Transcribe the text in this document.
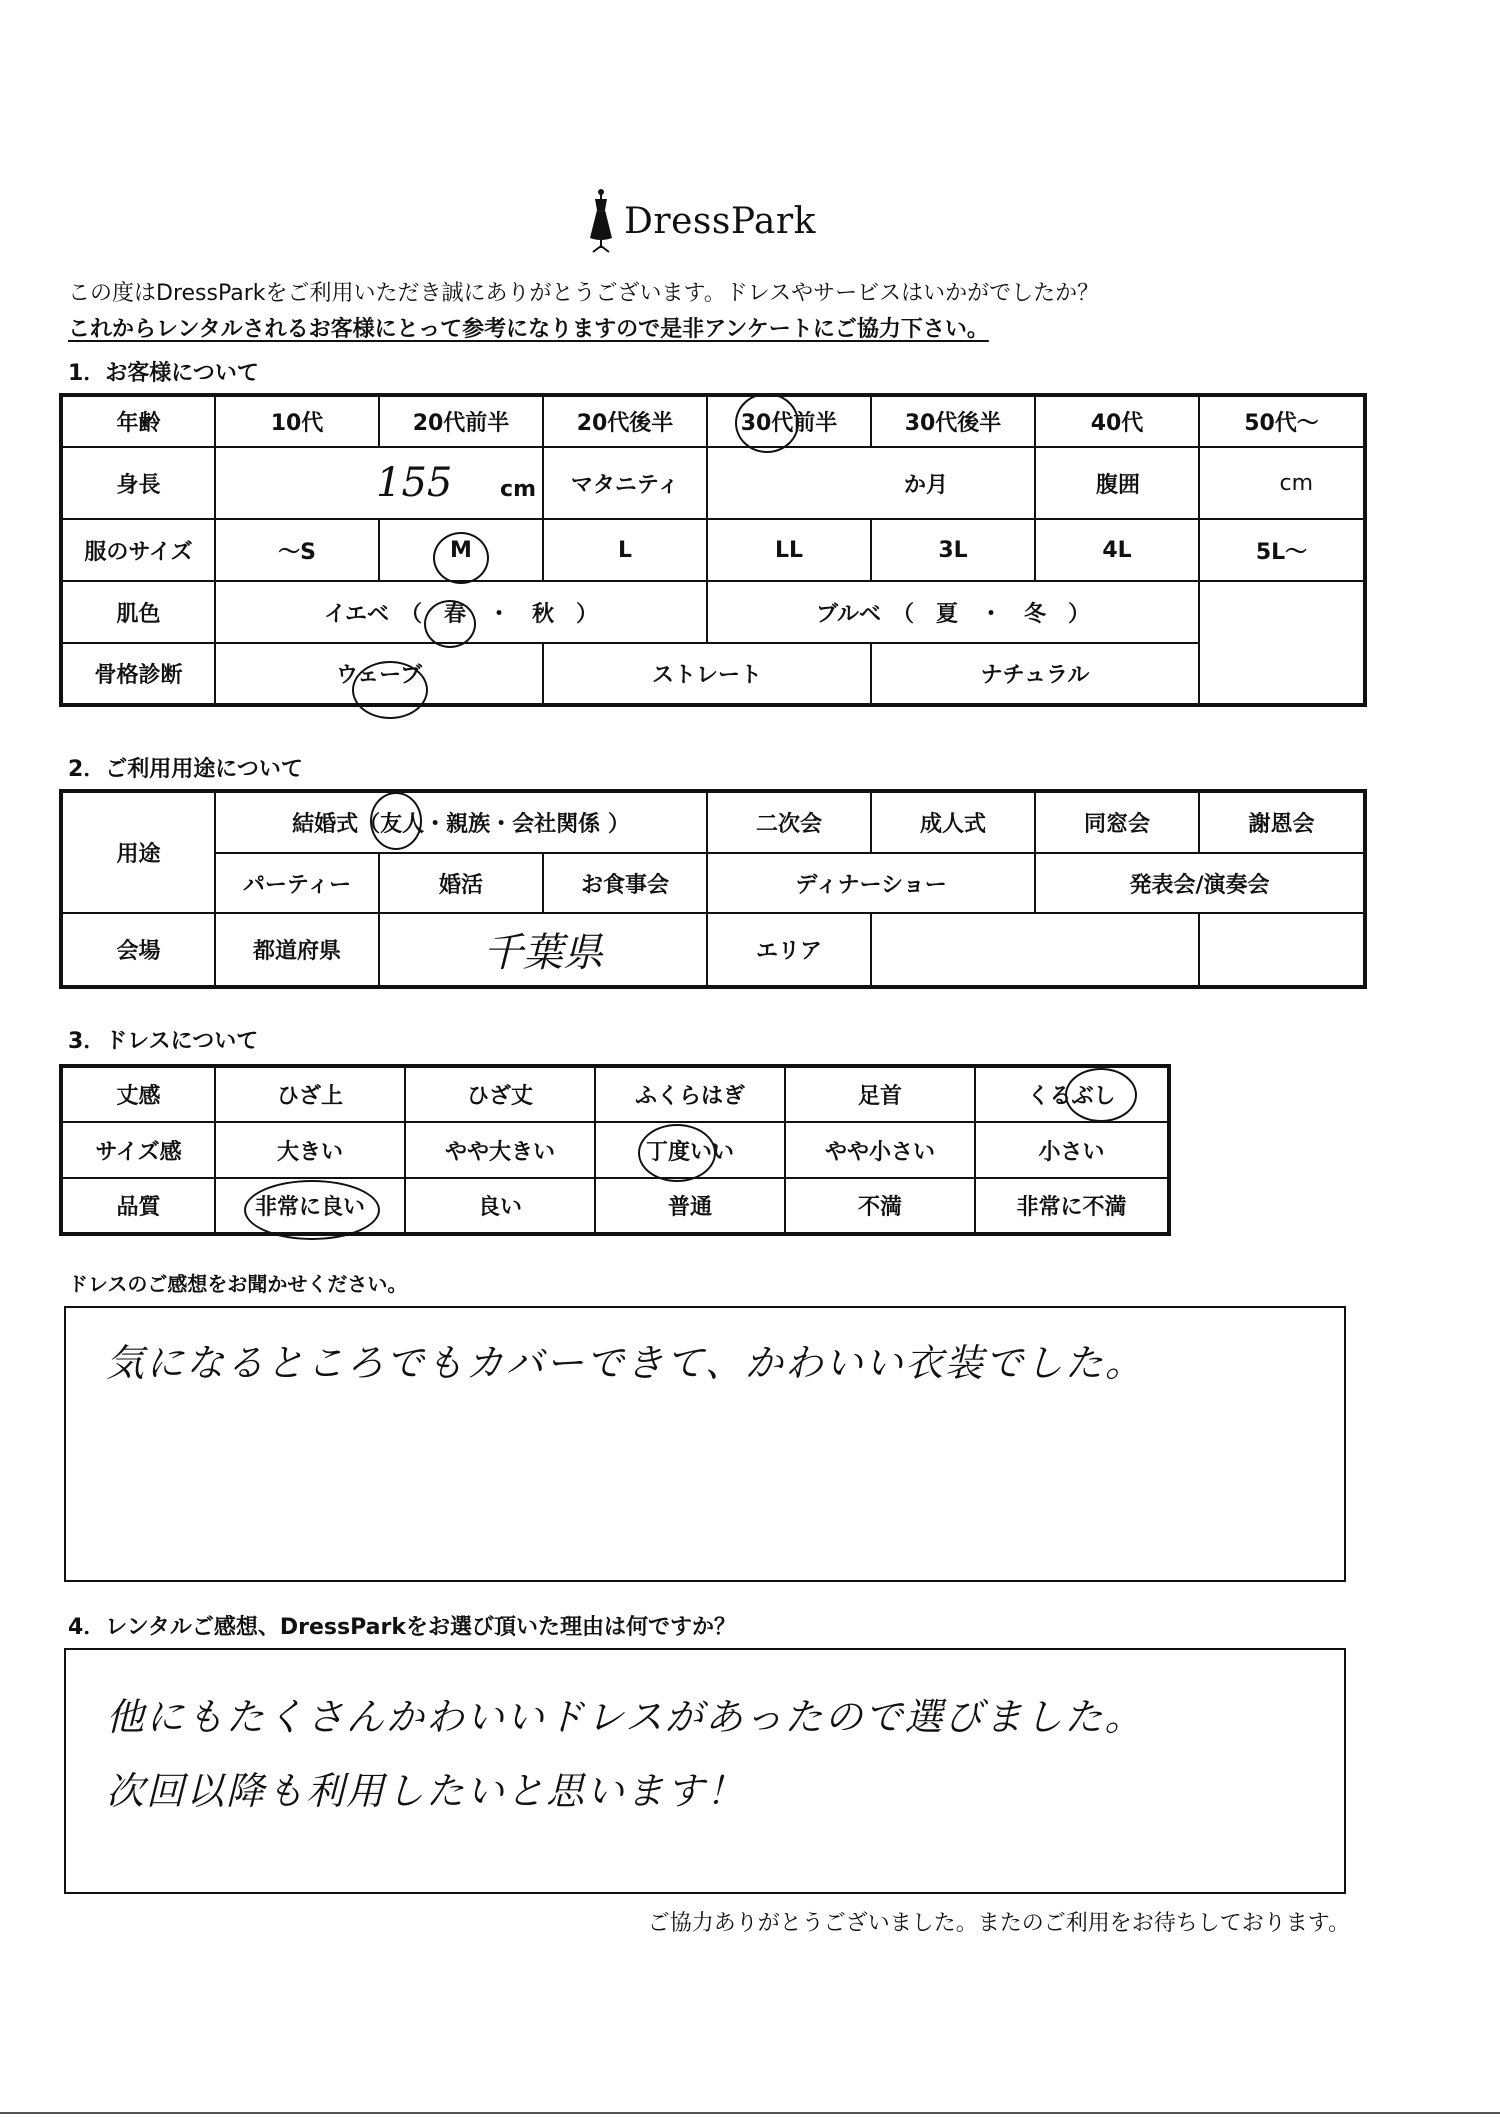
DressPark
この度はDressParkをご利用いただき誠にありがとうございます。ドレスやサービスはいかがでしたか？
これからレンタルされるお客様にとって参考になりますので是非アンケートにご協力下さい。
1．お客様について
年齢	10代	20代前半	20代後半	30代前半	30代後半	40代	50代～
身長	155 cm		マタニティ	か月		腹囲	cm
服のサイズ	～S	M	L	LL	3L	4L	5L～
肌色	イエベ　（　春　・　秋　）			ブルベ　（　夏　・　冬　）			
骨格診断	ウェーブ		ストレート		ナチュラル		
2．ご利用用途について
用途	結婚式（友人・親族・会社関係 ）			二次会	成人式	同窓会	謝恩会
	パーティー	婚活	お食事会	ディナーショー		発表会/演奏会	
会場	都道府県	千葉県		エリア			
3．ドレスについて
丈感	ひざ上	ひざ丈	ふくらはぎ	足首	くるぶし
サイズ感	大きい	やや大きい	丁度いい	やや小さい	小さい
品質	非常に良い	良い	普通	不満	非常に不満
ドレスのご感想をお聞かせください。
気になるところでもカバーできて、かわいい衣装でした。
4．レンタルご感想、DressParkをお選び頂いた理由は何ですか？
他にもたくさんかわいいドレスがあったので選びました。
次回以降も利用したいと思います！
ご協力ありがとうございました。またのご利用をお待ちしております。
